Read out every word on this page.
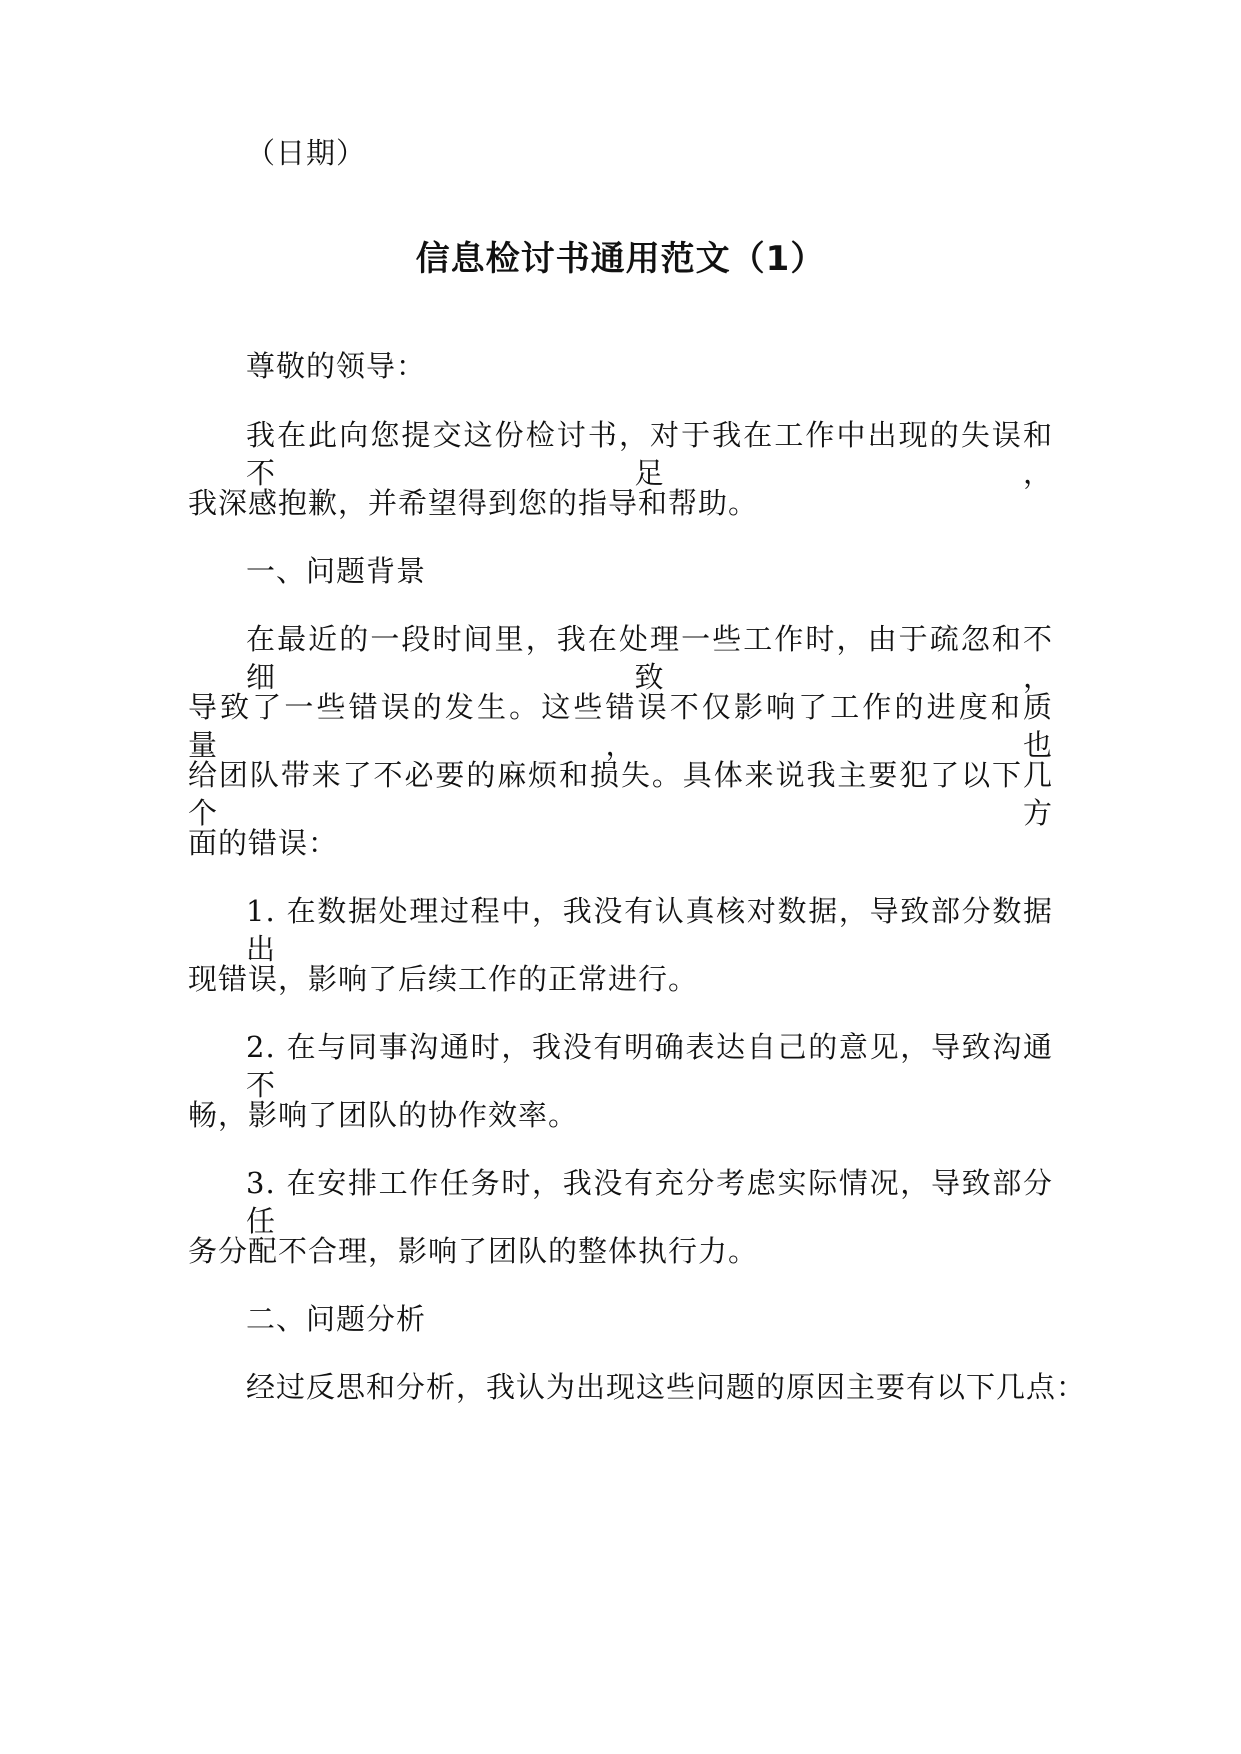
（日期）

信息检讨书通用范文（1）

尊敬的领导：

我在此向您提交这份检讨书，对于我在工作中出现的失误和不足，

我深感抱歉，并希望得到您的指导和帮助。

一、问题背景

在最近的一段时间里，我在处理一些工作时，由于疏忽和不细致，

导致了一些错误的发生。这些错误不仅影响了工作的进度和质量，也

给团队带来了不必要的麻烦和损失。具体来说我主要犯了以下几个方

面的错误：

1. 在数据处理过程中，我没有认真核对数据，导致部分数据出

现错误，影响了后续工作的正常进行。

2. 在与同事沟通时，我没有明确表达自己的意见，导致沟通不

畅，影响了团队的协作效率。

3. 在安排工作任务时，我没有充分考虑实际情况，导致部分任

务分配不合理，影响了团队的整体执行力。

二、问题分析

经过反思和分析，我认为出现这些问题的原因主要有以下几点：
